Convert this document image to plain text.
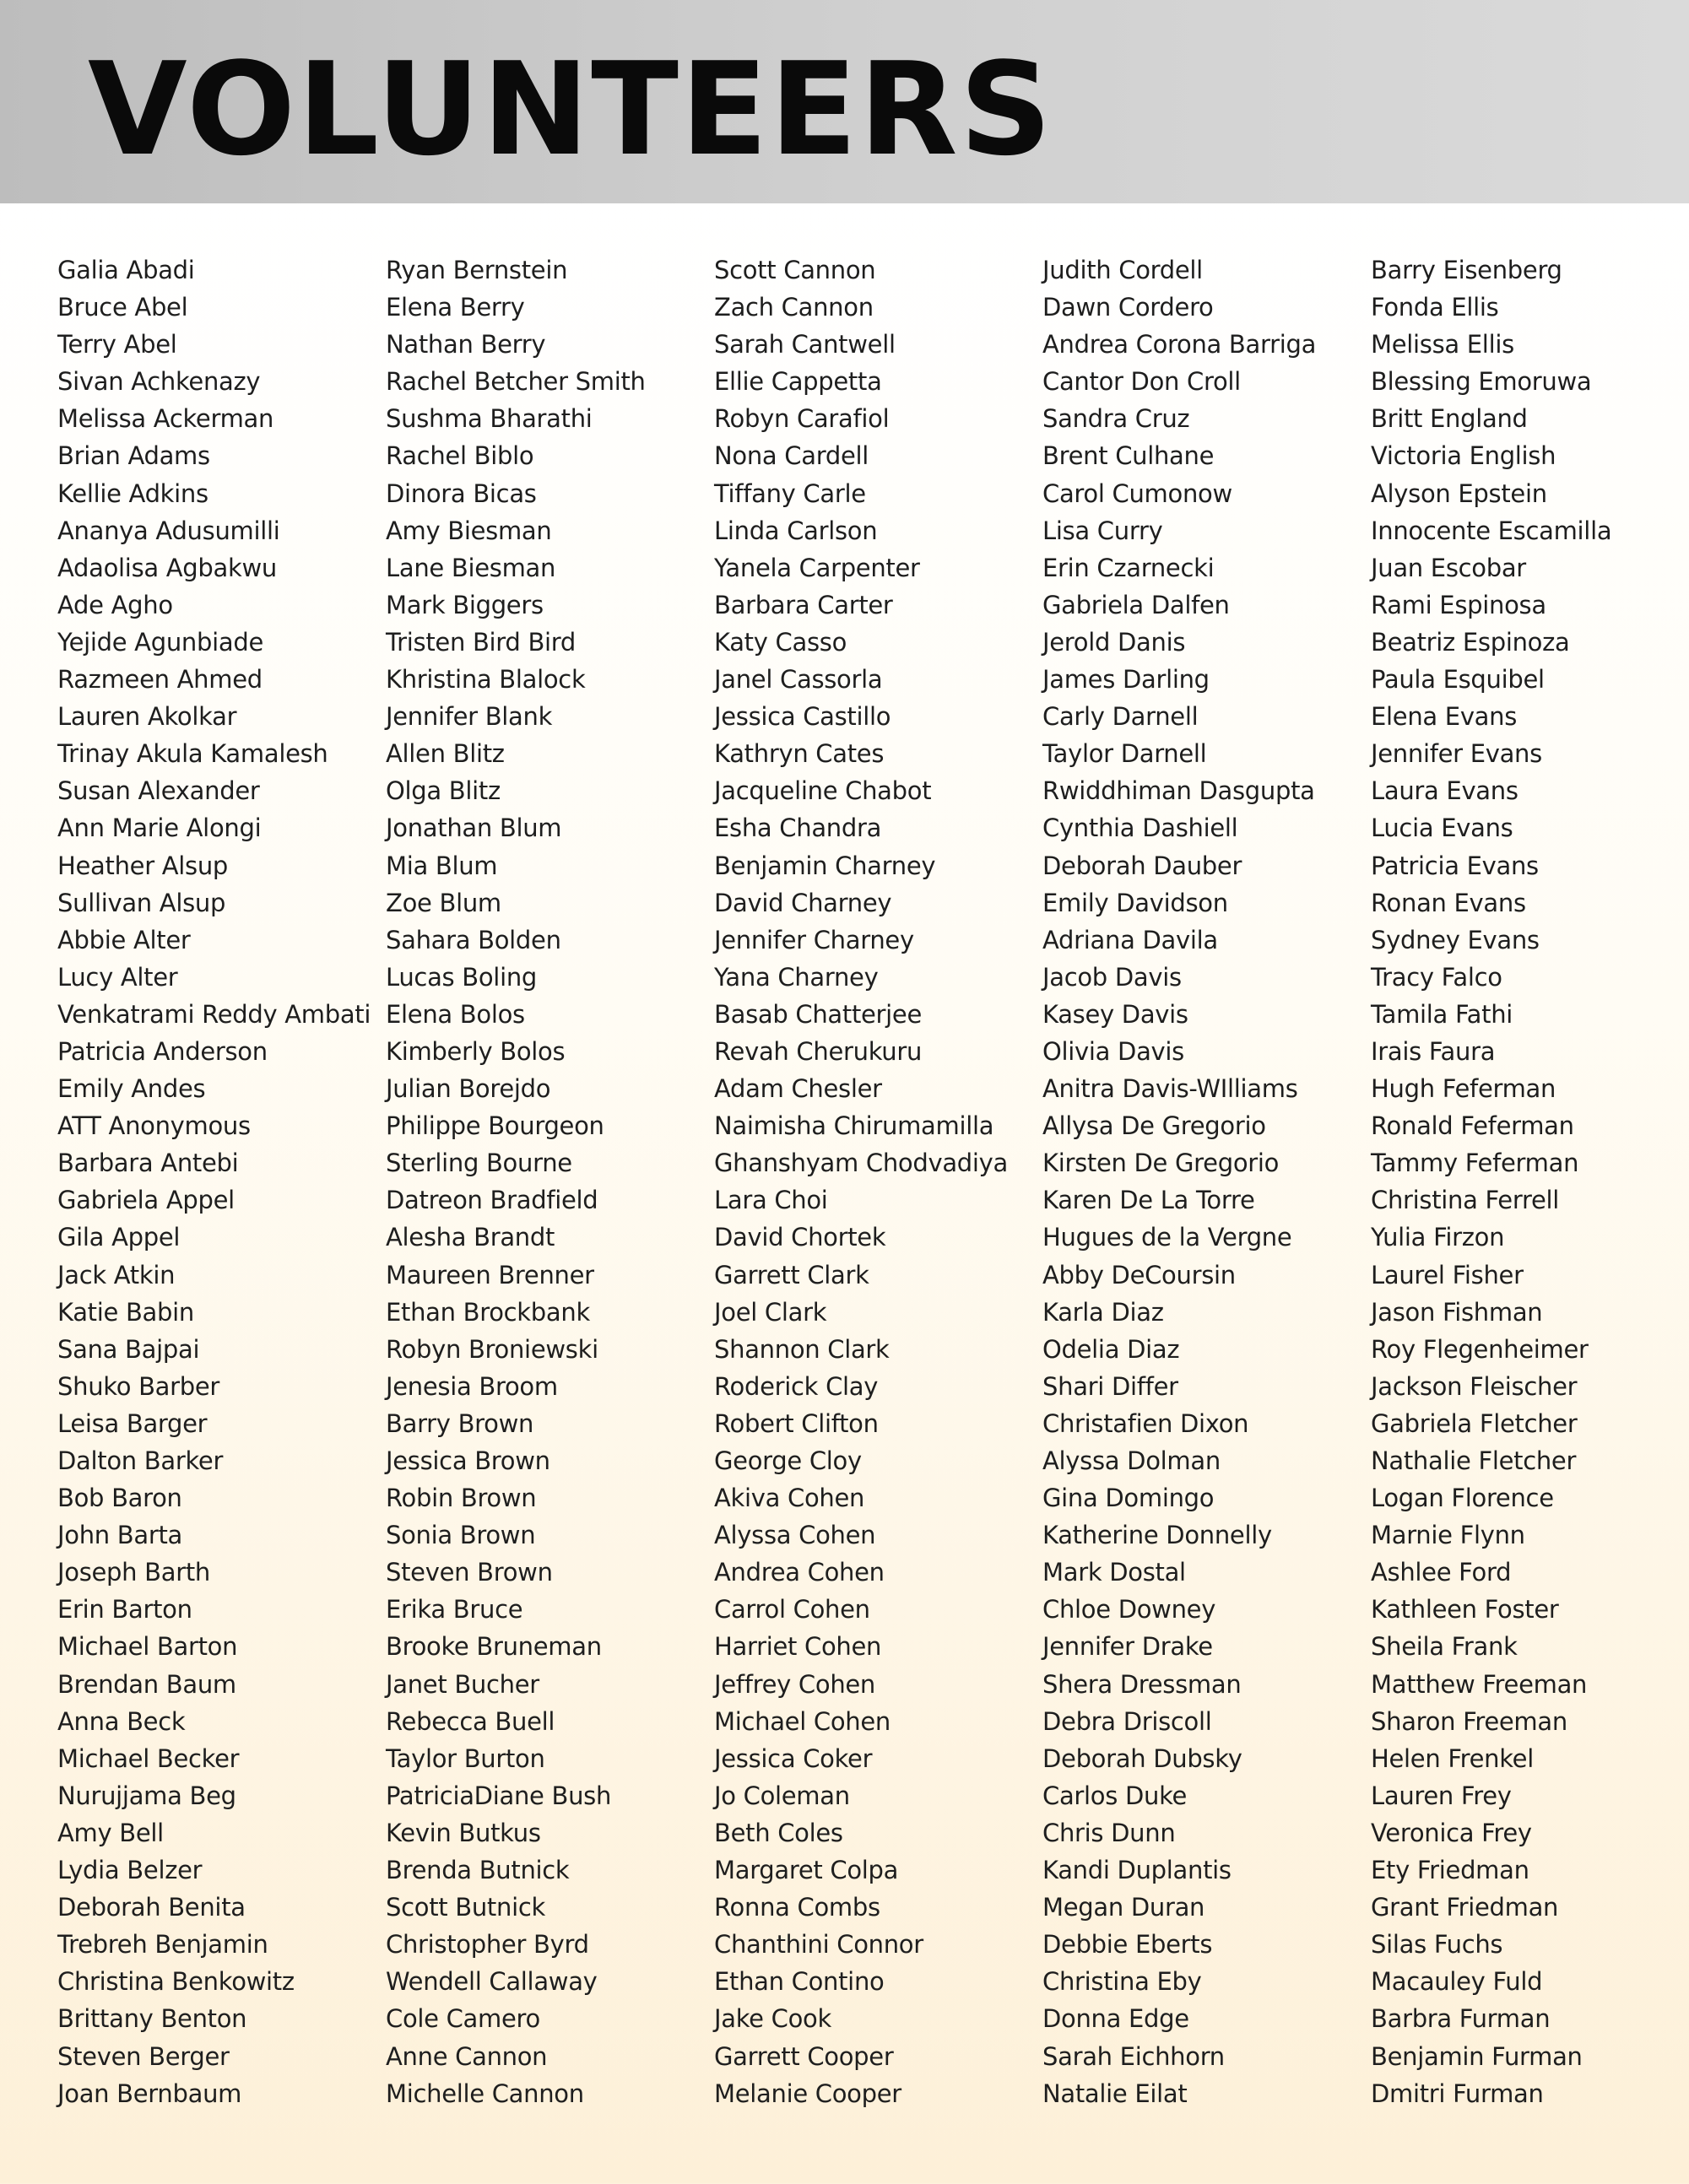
VOLUNTEERS
Galia Abadi
Bruce Abel
Terry Abel
Sivan Achkenazy
Melissa Ackerman
Brian Adams
Kellie Adkins
Ananya Adusumilli
Adaolisa Agbakwu
Ade Agho
Yejide Agunbiade
Razmeen Ahmed
Lauren Akolkar
Trinay Akula Kamalesh
Susan Alexander
Ann Marie Alongi
Heather Alsup
Sullivan Alsup
Abbie Alter
Lucy Alter
Venkatrami Reddy Ambati
Patricia Anderson
Emily Andes
ATT Anonymous
Barbara Antebi
Gabriela Appel
Gila Appel
Jack Atkin
Katie Babin
Sana Bajpai
Shuko Barber
Leisa Barger
Dalton Barker
Bob Baron
John Barta
Joseph Barth
Erin Barton
Michael Barton
Brendan Baum
Anna Beck
Michael Becker
Nurujjama Beg
Amy Bell
Lydia Belzer
Deborah Benita
Trebreh Benjamin
Christina Benkowitz
Brittany Benton
Steven Berger
Joan Bernbaum
Ryan Bernstein
Elena Berry
Nathan Berry
Rachel Betcher Smith
Sushma Bharathi
Rachel Biblo
Dinora Bicas
Amy Biesman
Lane Biesman
Mark Biggers
Tristen Bird Bird
Khristina Blalock
Jennifer Blank
Allen Blitz
Olga Blitz
Jonathan Blum
Mia Blum
Zoe Blum
Sahara Bolden
Lucas Boling
Elena Bolos
Kimberly Bolos
Julian Borejdo
Philippe Bourgeon
Sterling Bourne
Datreon Bradfield
Alesha Brandt
Maureen Brenner
Ethan Brockbank
Robyn Broniewski
Jenesia Broom
Barry Brown
Jessica Brown
Robin Brown
Sonia Brown
Steven Brown
Erika Bruce
Brooke Bruneman
Janet Bucher
Rebecca Buell
Taylor Burton
PatriciaDiane Bush
Kevin Butkus
Brenda Butnick
Scott Butnick
Christopher Byrd
Wendell Callaway
Cole Camero
Anne Cannon
Michelle Cannon
Scott Cannon
Zach Cannon
Sarah Cantwell
Ellie Cappetta
Robyn Carafiol
Nona Cardell
Tiffany Carle
Linda Carlson
Yanela Carpenter
Barbara Carter
Katy Casso
Janel Cassorla
Jessica Castillo
Kathryn Cates
Jacqueline Chabot
Esha Chandra
Benjamin Charney
David Charney
Jennifer Charney
Yana Charney
Basab Chatterjee
Revah Cherukuru
Adam Chesler
Naimisha Chirumamilla
Ghanshyam Chodvadiya
Lara Choi
David Chortek
Garrett Clark
Joel Clark
Shannon Clark
Roderick Clay
Robert Clifton
George Cloy
Akiva Cohen
Alyssa Cohen
Andrea Cohen
Carrol Cohen
Harriet Cohen
Jeffrey Cohen
Michael Cohen
Jessica Coker
Jo Coleman
Beth Coles
Margaret Colpa
Ronna Combs
Chanthini Connor
Ethan Contino
Jake Cook
Garrett Cooper
Melanie Cooper
Judith Cordell
Dawn Cordero
Andrea Corona Barriga
Cantor Don Croll
Sandra Cruz
Brent Culhane
Carol Cumonow
Lisa Curry
Erin Czarnecki
Gabriela Dalfen
Jerold Danis
James Darling
Carly Darnell
Taylor Darnell
Rwiddhiman Dasgupta
Cynthia Dashiell
Deborah Dauber
Emily Davidson
Adriana Davila
Jacob Davis
Kasey Davis
Olivia Davis
Anitra Davis-WIlliams
Allysa De Gregorio
Kirsten De Gregorio
Karen De La Torre
Hugues de la Vergne
Abby DeCoursin
Karla Diaz
Odelia Diaz
Shari Differ
Christafien Dixon
Alyssa Dolman
Gina Domingo
Katherine Donnelly
Mark Dostal
Chloe Downey
Jennifer Drake
Shera Dressman
Debra Driscoll
Deborah Dubsky
Carlos Duke
Chris Dunn
Kandi Duplantis
Megan Duran
Debbie Eberts
Christina Eby
Donna Edge
Sarah Eichhorn
Natalie Eilat
Barry Eisenberg
Fonda Ellis
Melissa Ellis
Blessing Emoruwa
Britt England
Victoria English
Alyson Epstein
Innocente Escamilla
Juan Escobar
Rami Espinosa
Beatriz Espinoza
Paula Esquibel
Elena Evans
Jennifer Evans
Laura Evans
Lucia Evans
Patricia Evans
Ronan Evans
Sydney Evans
Tracy Falco
Tamila Fathi
Irais Faura
Hugh Feferman
Ronald Feferman
Tammy Feferman
Christina Ferrell
Yulia Firzon
Laurel Fisher
Jason Fishman
Roy Flegenheimer
Jackson Fleischer
Gabriela Fletcher
Nathalie Fletcher
Logan Florence
Marnie Flynn
Ashlee Ford
Kathleen Foster
Sheila Frank
Matthew Freeman
Sharon Freeman
Helen Frenkel
Lauren Frey
Veronica Frey
Ety Friedman
Grant Friedman
Silas Fuchs
Macauley Fuld
Barbra Furman
Benjamin Furman
Dmitri Furman
